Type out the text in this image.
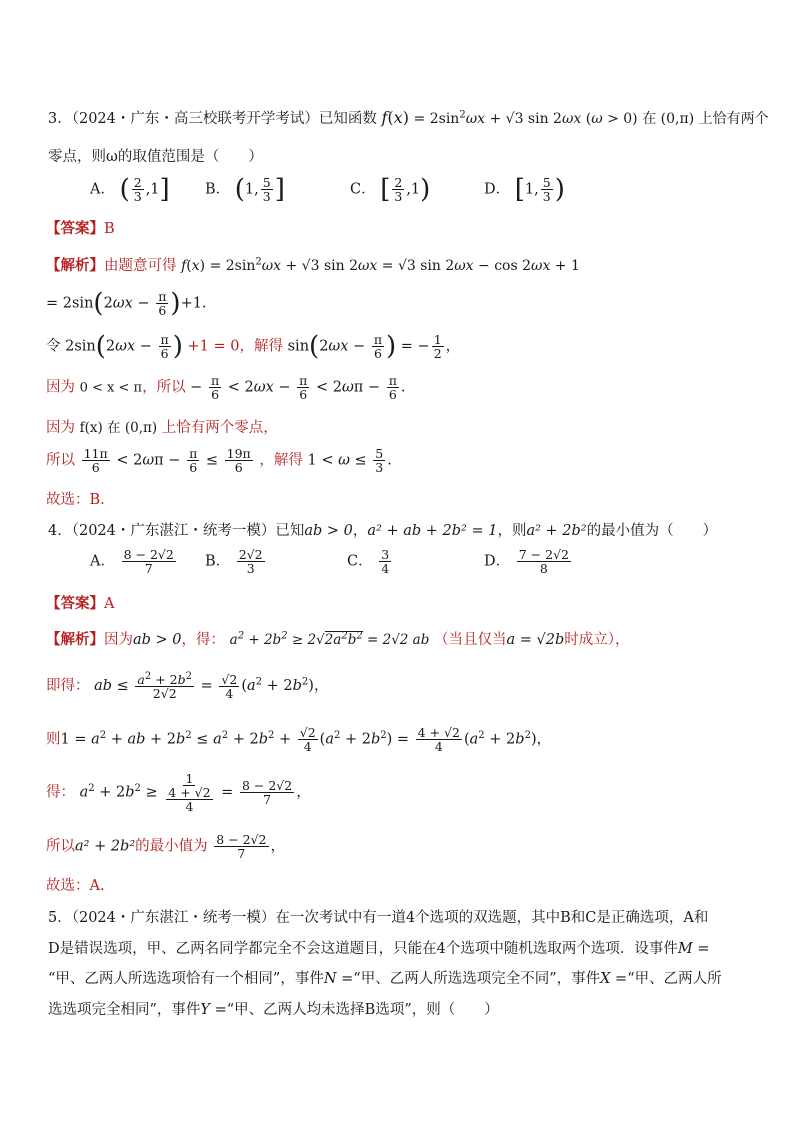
3．（2024・广东・高三校联考开学考试）已知函数 $f(x) = 2\sin^2\omega x + √3$ sin 2ωx (ω > 0) 在 (0,π) 上恰有两个
零点，则ω的取值范围是（　　）
A． ( $\frac{2}{3} ,1$] B． (1, $\frac{5}{3}$ ]	C． [ $\frac{2}{3} ,1$)	D． [1, $\frac{5}{3}$ )
【答案】B
【解析】由题意可得 $f(x) = 2\sin^2\omega x + √3$ sin 2ωx = √3 sin 2ωx − cos 2ωx + 1
= $2\sin(2\omega x - \frac{\pi}{6} )+1$.
令 $2\sin(2\omega x - \frac{\pi}{6}$ ) +1 = 0，解得 $\sin(2\omega x - \frac{\pi}{6}$ ) = − $\frac{1}{2}$ ，
因为 0 < x < π，所以 − $\frac{\pi}{6} < 2\omega x - \frac{\pi}{6} < 2\omega\pi - \frac{\pi}{6}$ .
因为 f(x) 在 (0,π) 上恰有两个零点，
所以 $\frac{11\pi}{6} < 2\omega\pi - \frac{\pi}{6} \le \frac{19\pi}{6}$ ，解得 $1 < \omega \le \frac{5}{3}$ .
故选：B.
4．（2024・广东湛江・统考一模）已知ab > 0，a² + ab + 2b² = 1，则a² + 2b²的最小值为（　　）
A． $\frac{8 - 2√2}{7}$ B． $\frac{2√2}{3}$	C． $\frac{3}{4}$	D． $\frac{7 - 2√2}{8}$
【答案】A
【解析】因为ab > 0，得： $a^2 + 2b^2 \ge 2√2a^2b^2 = 2√2$ ab （当且仅当a = √2b时成立），
即得： ab ≤ $\frac{a^2 + 2b^2}{2√2} = \frac{√2}{4} (a^2 + 2b^2)$，
则$1 = a^2$ + ab + $2b^2 \le a^2 + 2b^2 + \frac{√2}{4} (a^2 + 2b^2) = \frac{4 + √2}{4} (a^2 + 2b^2)$，
得： $a^2 + 2b^2 \ge \frac{1}{\frac{4 + √2}{4}} = \frac{8 - 2√2}{7}$ ，
所以a² + 2b²的最小值为 $\frac{8 - 2√2}{7}$ ，
故选：A.
5．（2024・广东湛江・统考一模）在一次考试中有一道4个选项的双选题，其中B和C是正确选项，A和
D是错误选项，甲、乙两名同学都完全不会这道题目，只能在4个选项中随机选取两个选项．设事件M =
“甲、乙两人所选选项恰有一个相同”，事件N =“甲、乙两人所选选项完全不同”，事件X =“甲、乙两人所
选选项完全相同”，事件Y =“甲、乙两人均未选择B选项”，则（　　）
